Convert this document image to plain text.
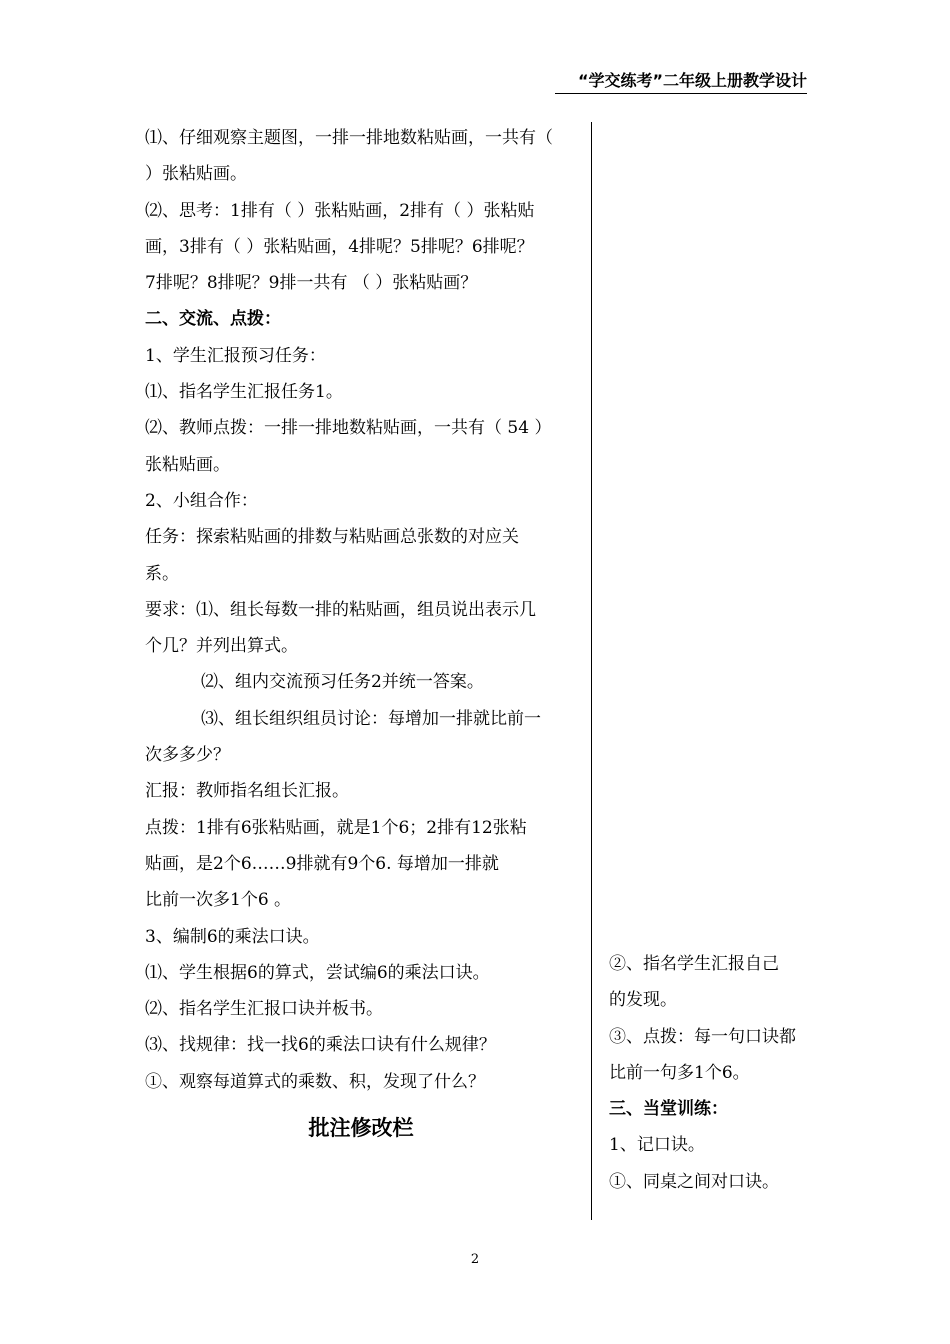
“学交练考”二年级上册教学设计
⑴、仔细观察主题图，一排一排地数粘贴画，一共有（
）张粘贴画。
⑵、思考：1排有（ ）张粘贴画，2排有（ ）张粘贴
画，3排有（ ）张粘贴画，4排呢？5排呢？6排呢？
7排呢？8排呢？9排一共有 （ ）张粘贴画？
二、交流、点拨：
1、学生汇报预习任务：
⑴、指名学生汇报任务1。
⑵、教师点拨：一排一排地数粘贴画，一共有（ 54 ）
张粘贴画。
2、小组合作：
任务：探索粘贴画的排数与粘贴画总张数的对应关
系。
要求：⑴、组长每数一排的粘贴画，组员说出表示几
个几？并列出算式。
⑵、组内交流预习任务2并统一答案。
⑶、组长组织组员讨论：每增加一排就比前一
次多多少？
汇报：教师指名组长汇报。
点拨：1排有6张粘贴画，就是1个6；2排有12张粘
贴画，是2个6……9排就有9个6. 每增加一排就
比前一次多1个6 。
3、编制6的乘法口诀。
⑴、学生根据6的算式，尝试编6的乘法口诀。
⑵、指名学生汇报口诀并板书。
⑶、找规律：找一找6的乘法口诀有什么规律？
①、观察每道算式的乘数、积，发现了什么？
批注修改栏
②、指名学生汇报自己
的发现。
③、点拨：每一句口诀都
比前一句多1个6。
三、当堂训练：
1、记口诀。
①、同桌之间对口诀。
2
